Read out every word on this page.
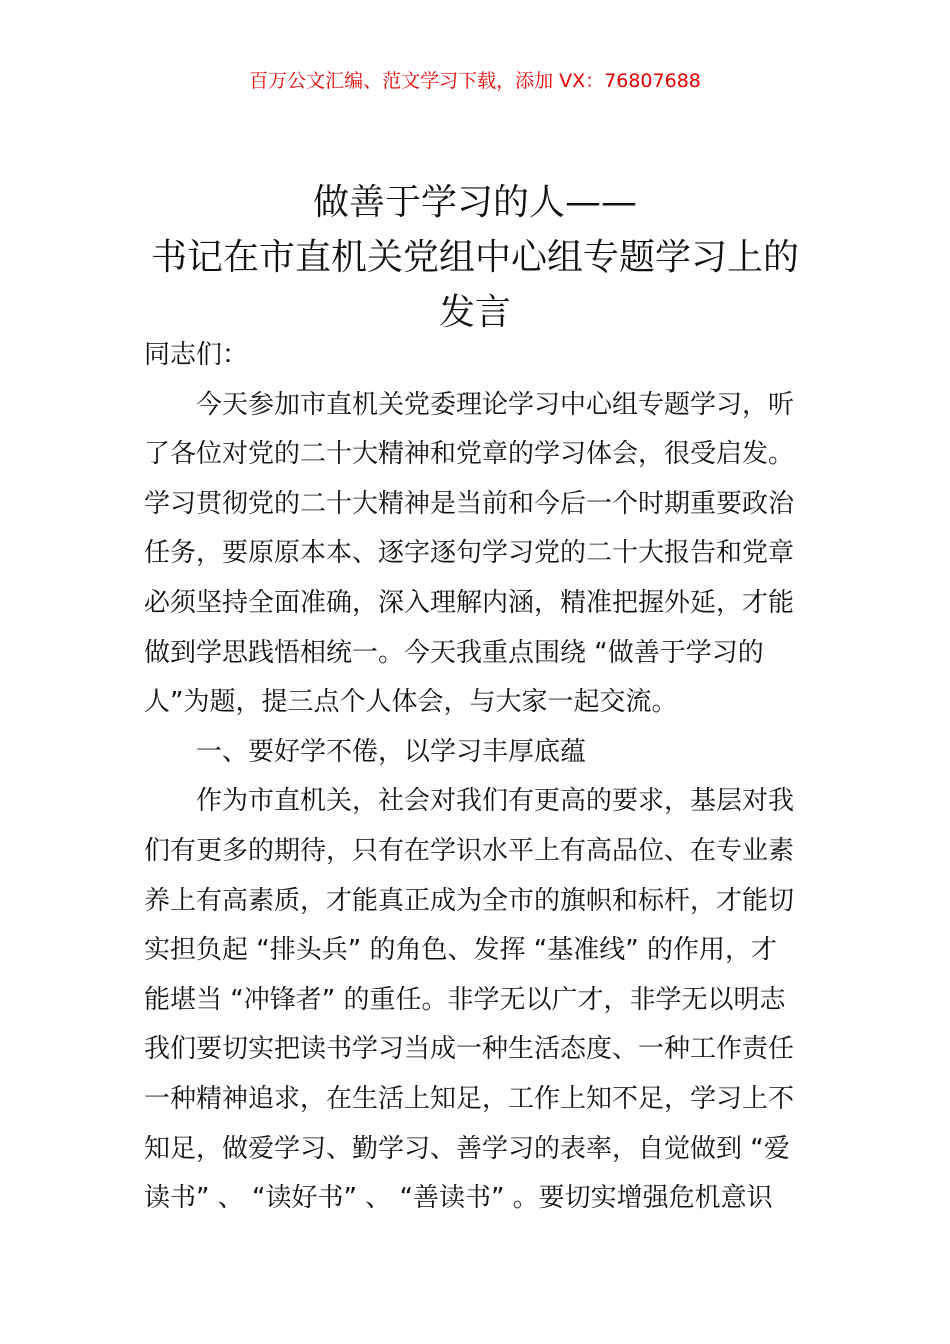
百万公文汇编、范文学习下载，添加 VX：76807688
做善于学习的人——
书记在市直机关党组中心组专题学习上的
发言
同志们：
今天参加市直机关党委理论学习中心组专题学习，听
了各位对党的二十大精神和党章的学习体会，很受启发。
学习贯彻党的二十大精神是当前和今后一个时期重要政治
任务，要原原本本、逐字逐句学习党的二十大报告和党章
必须坚持全面准确，深入理解内涵，精准把握外延，才能
做到学思践悟相统一。今天我重点围绕 “做善于学习的
人”为题，提三点个人体会，与大家一起交流。
一、要好学不倦，以学习丰厚底蕴
作为市直机关，社会对我们有更高的要求，基层对我
们有更多的期待，只有在学识水平上有高品位、在专业素
养上有高素质，才能真正成为全市的旗帜和标杆，才能切
实担负起 “排头兵” 的角色、发挥 “基准线” 的作用，才
能堪当 “冲锋者” 的重任。非学无以广才，非学无以明志
我们要切实把读书学习当成一种生活态度、一种工作责任
一种精神追求，在生活上知足，工作上知不足，学习上不
知足，做爱学习、勤学习、善学习的表率，自觉做到 “爱
读书” 、 “读好书” 、 “善读书” 。要切实增强危机意识
